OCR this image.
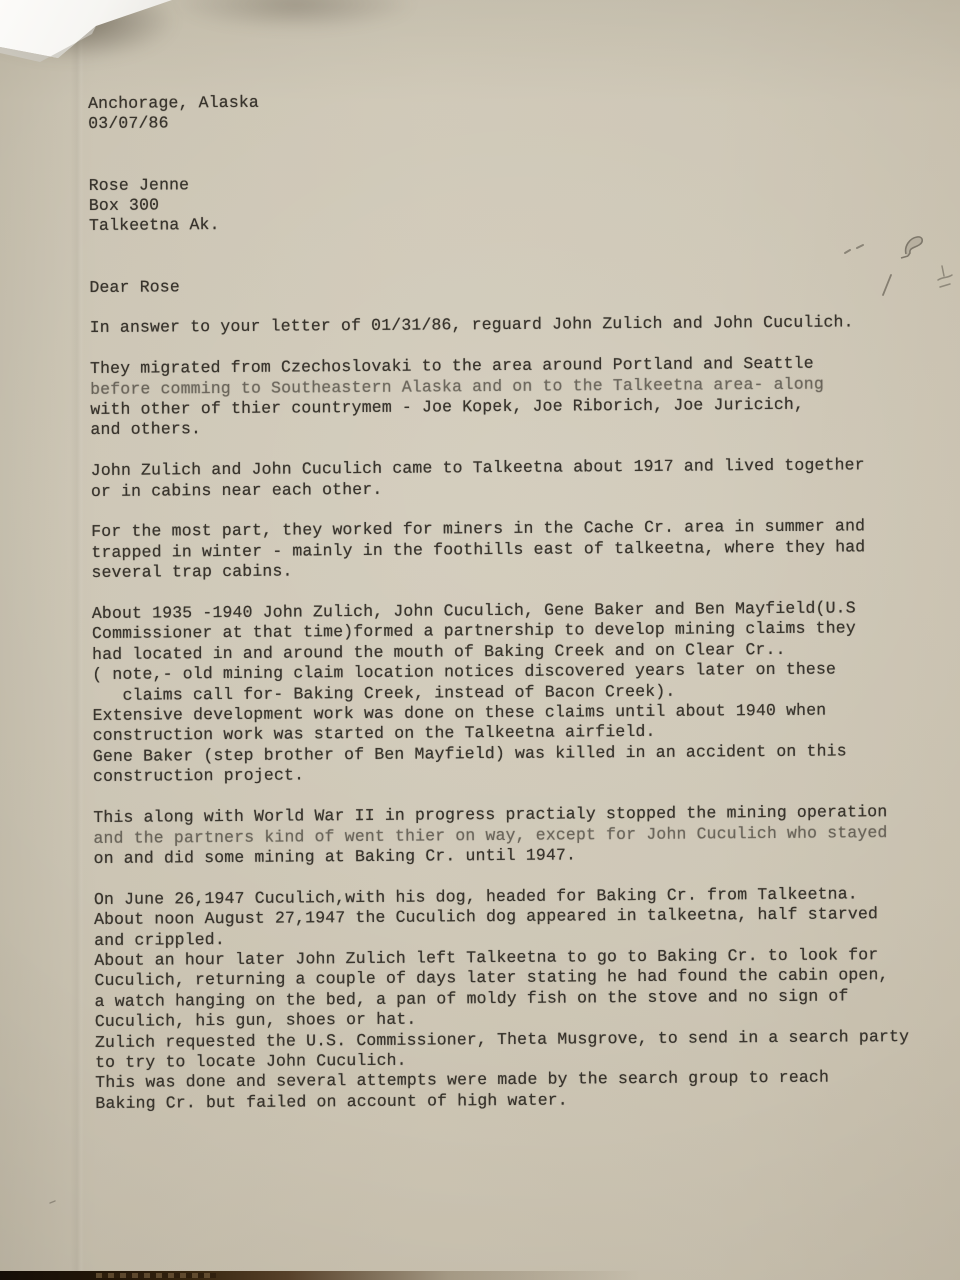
Anchorage, Alaska
03/07/86
Rose Jenne
Box 300
Talkeetna Ak.
Dear Rose
In answer to your letter of 01/31/86, reguard John Zulich and John Cuculich.
They migrated from Czechoslovaki to the area around Portland and Seattle
before comming to Southeastern Alaska and on to the Talkeetna area- along
with other of thier countrymem - Joe Kopek, Joe Riborich, Joe Juricich,
and others.
John Zulich and John Cuculich came to Talkeetna about 1917 and lived together
or in cabins near each other.
For the most part, they worked for miners in the Cache Cr. area in summer and
trapped in winter - mainly in the foothills east of talkeetna, where they had
several trap cabins.
About 1935 -1940 John Zulich, John Cuculich, Gene Baker and Ben Mayfield(U.S
Commissioner at that time)formed a partnership to develop mining claims they
had located in and around the mouth of Baking Creek and on Clear Cr..
( note,- old mining claim location notices discovered years later on these
claims call for- Baking Creek, instead of Bacon Creek).
Extensive development work was done on these claims until about 1940 when
construction work was started on the Talkeetna airfield.
Gene Baker (step brother of Ben Mayfield) was killed in an accident on this
construction project.
This along with World War II in progress practialy stopped the mining operation
and the partners kind of went thier on way, except for John Cuculich who stayed
on and did some mining at Baking Cr. until 1947.
On June 26,1947 Cuculich,with his dog, headed for Baking Cr. from Talkeetna.
About noon August 27,1947 the Cuculich dog appeared in talkeetna, half starved
and crippled.
About an hour later John Zulich left Talkeetna to go to Baking Cr. to look for
Cuculich, returning a couple of days later stating he had found the cabin open,
a watch hanging on the bed, a pan of moldy fish on the stove and no sign of
Cuculich, his gun, shoes or hat.
Zulich requested the U.S. Commissioner, Theta Musgrove, to send in a search party
to try to locate John Cuculich.
This was done and several attempts were made by the search group to reach
Baking Cr. but failed on account of high water.
